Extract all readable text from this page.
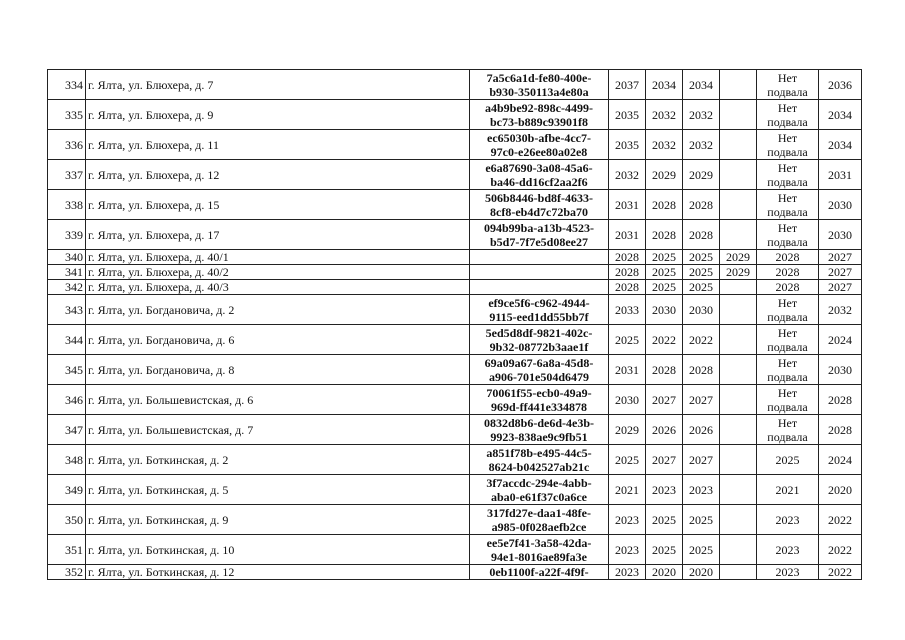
334	г. Ялта, ул. Блюхера, д. 7	7a5c6a1d-fe80-400e-
b930-350113a4e80a	2037	2034	2034		Нет
подвала	2036
335	г. Ялта, ул. Блюхера, д. 9	a4b9be92-898c-4499-
bc73-b889c93901f8	2035	2032	2032		Нет
подвала	2034
336	г. Ялта, ул. Блюхера, д. 11	ec65030b-afbe-4cc7-
97c0-e26ee80a02e8	2035	2032	2032		Нет
подвала	2034
337	г. Ялта, ул. Блюхера, д. 12	e6a87690-3a08-45a6-
ba46-dd16cf2aa2f6	2032	2029	2029		Нет
подвала	2031
338	г. Ялта, ул. Блюхера, д. 15	506b8446-bd8f-4633-
8cf8-eb4d7c72ba70	2031	2028	2028		Нет
подвала	2030
339	г. Ялта, ул. Блюхера, д. 17	094b99ba-a13b-4523-
b5d7-7f7e5d08ee27	2031	2028	2028		Нет
подвала	2030
340	г. Ялта, ул. Блюхера, д. 40/1		2028	2025	2025	2029	2028	2027
341	г. Ялта, ул. Блюхера, д. 40/2		2028	2025	2025	2029	2028	2027
342	г. Ялта, ул. Блюхера, д. 40/3		2028	2025	2025		2028	2027
343	г. Ялта, ул. Богдановича, д. 2	ef9ce5f6-c962-4944-
9115-eed1dd55bb7f	2033	2030	2030		Нет
подвала	2032
344	г. Ялта, ул. Богдановича, д. 6	5ed5d8df-9821-402c-
9b32-08772b3aae1f	2025	2022	2022		Нет
подвала	2024
345	г. Ялта, ул. Богдановича, д. 8	69a09a67-6a8a-45d8-
a906-701e504d6479	2031	2028	2028		Нет
подвала	2030
346	г. Ялта, ул. Большевистская, д. 6	70061f55-ecb0-49a9-
969d-ff441e334878	2030	2027	2027		Нет
подвала	2028
347	г. Ялта, ул. Большевистская, д. 7	0832d8b6-de6d-4e3b-
9923-838ae9c9fb51	2029	2026	2026		Нет
подвала	2028
348	г. Ялта, ул. Боткинская, д. 2	a851f78b-e495-44c5-
8624-b042527ab21c	2025	2027	2027		2025	2024
349	г. Ялта, ул. Боткинская, д. 5	3f7accdc-294e-4abb-
aba0-e61f37c0a6ce	2021	2023	2023		2021	2020
350	г. Ялта, ул. Боткинская, д. 9	317fd27e-daa1-48fe-
a985-0f028aefb2ce	2023	2025	2025		2023	2022
351	г. Ялта, ул. Боткинская, д. 10	ee5e7f41-3a58-42da-
94e1-8016ae89fa3e	2023	2025	2025		2023	2022
352	г. Ялта, ул. Боткинская, д. 12	0eb1100f-a22f-4f9f-	2023	2020	2020		2023	2022
